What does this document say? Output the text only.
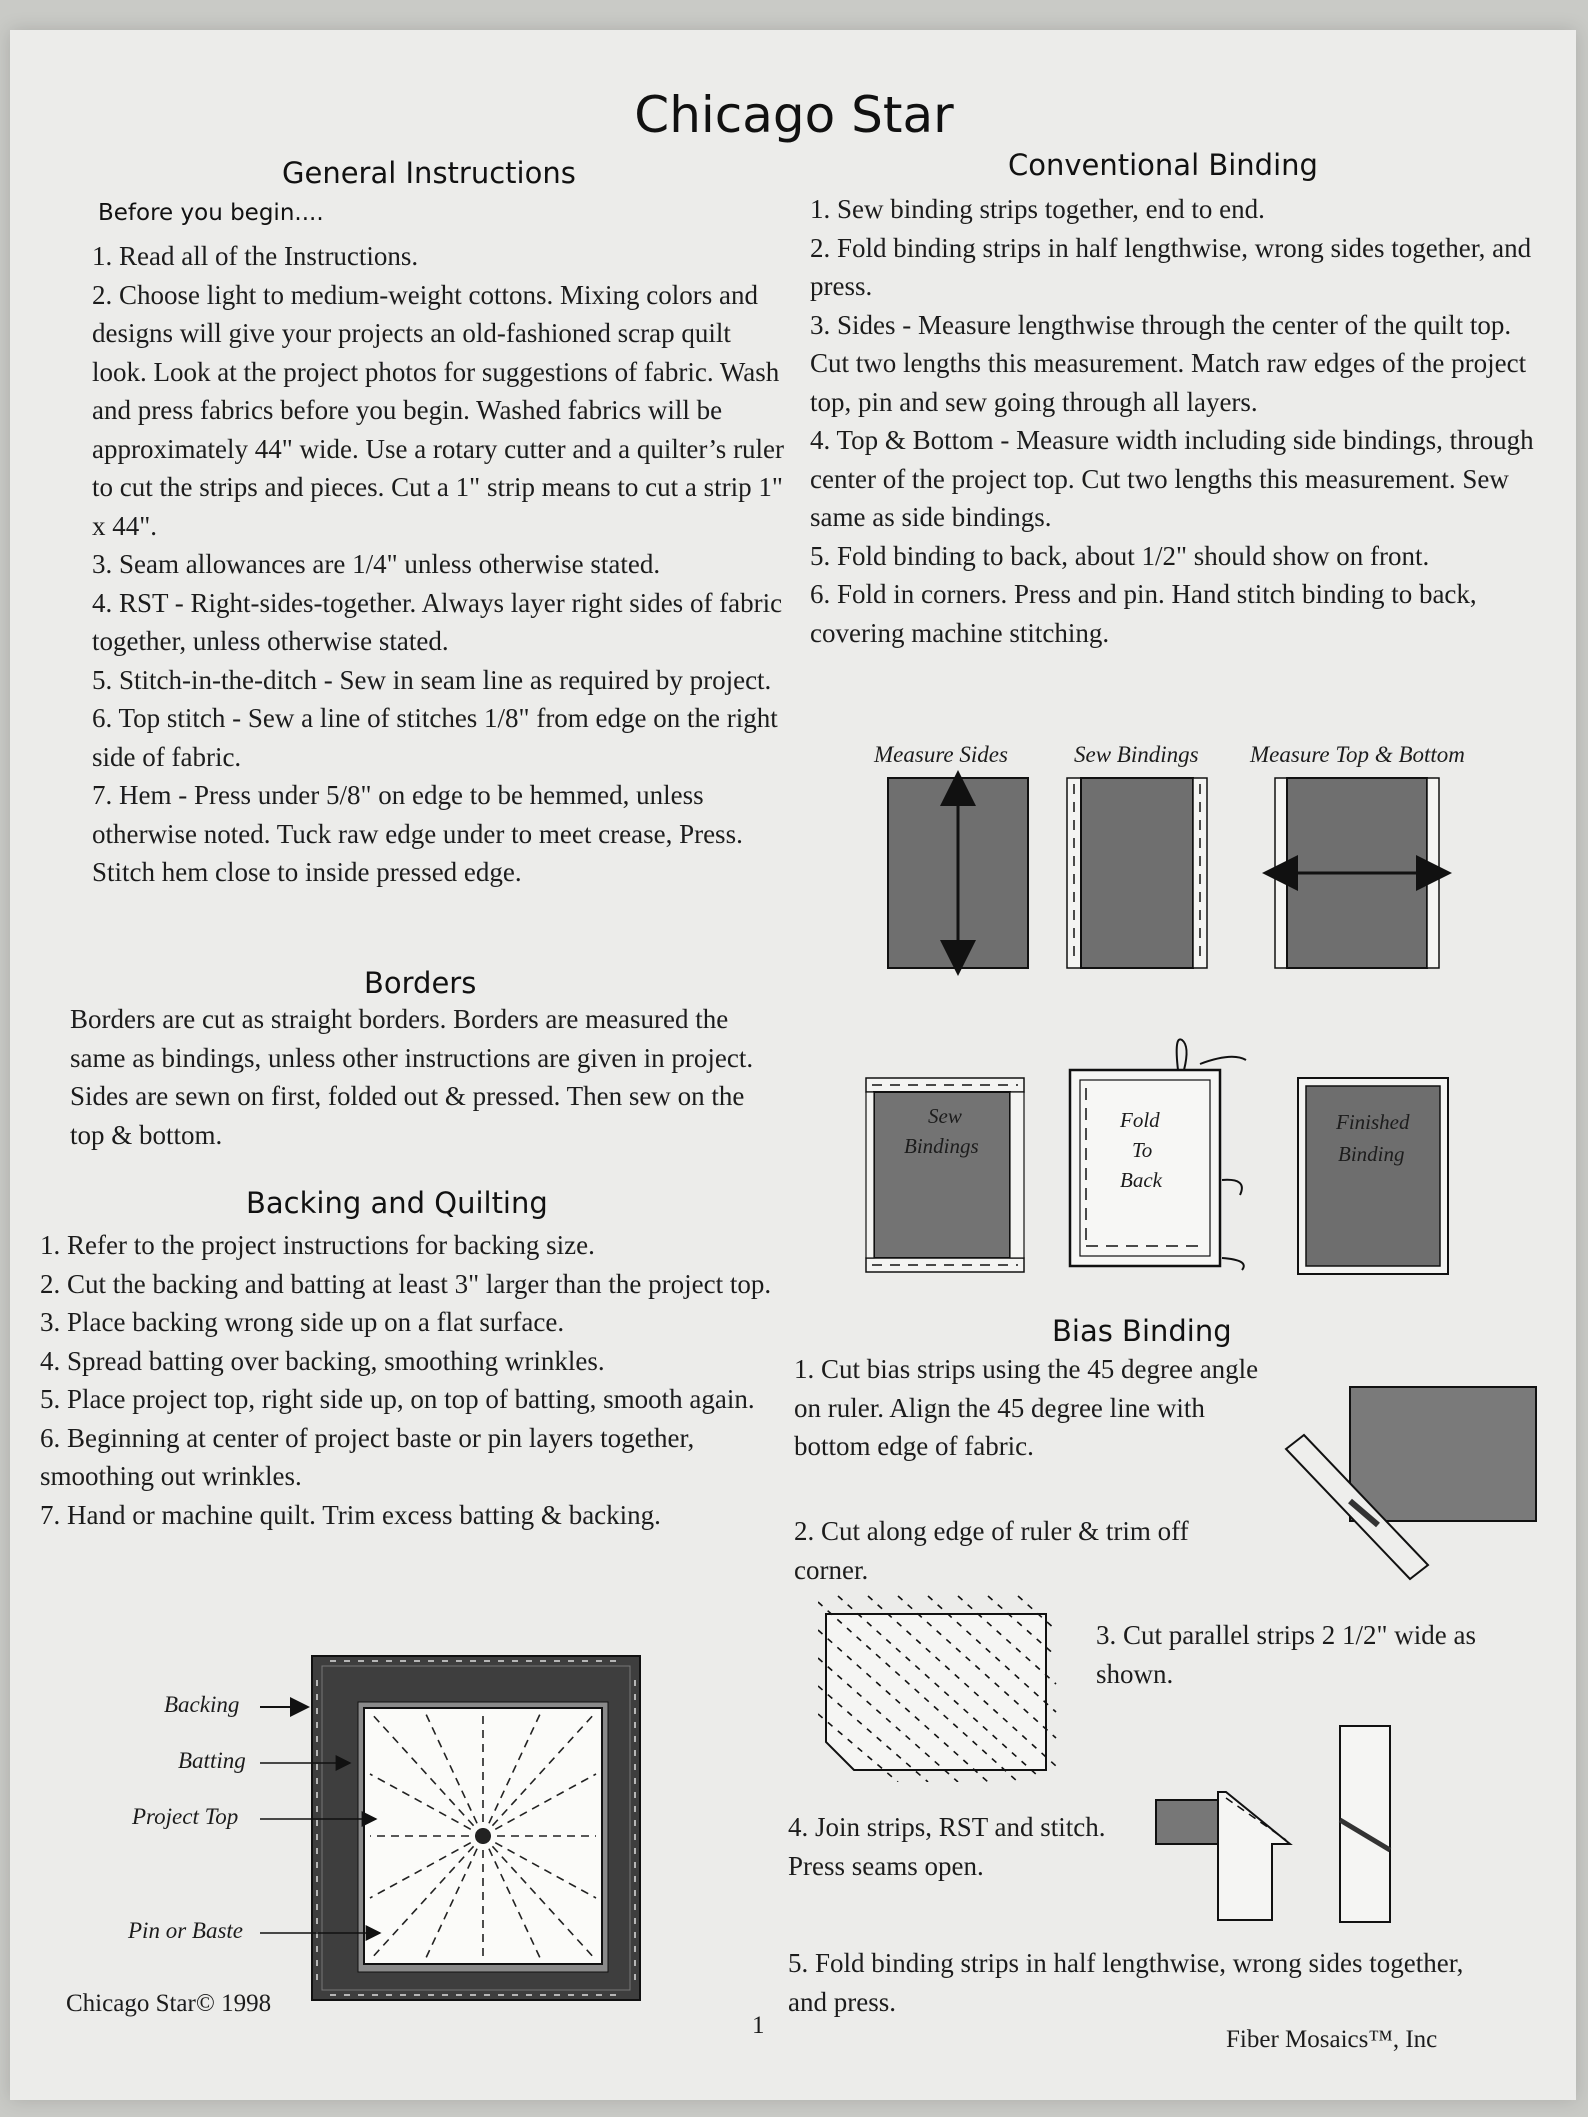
Chicago Star
General Instructions
Before you begin....

1. Read all of the Instructions.

2. Choose light to medium-weight cottons. Mixing colors and designs will give your projects an old-fashioned scrap quilt look. Look at the project photos for suggestions of fabric. Wash and press fabrics before you begin. Washed fabrics will be approximately 44" wide. Use a rotary cutter and a quilter’s ruler to cut the strips and pieces. Cut a 1" strip means to cut a strip 1" x 44".

3. Seam allowances are 1/4" unless otherwise stated.

4. RST - Right-sides-together. Always layer right sides of fabric together, unless otherwise stated.

5. Stitch-in-the-ditch - Sew in seam line as required by project.

6. Top stitch - Sew a line of stitches 1/8" from edge on the right side of fabric.

7. Hem - Press under 5/8" on edge to be hemmed, unless otherwise noted. Tuck raw edge under to meet crease, Press. Stitch hem close to inside pressed edge.

Borders
Borders are cut as straight borders. Borders are measured the same as bindings, unless other instructions are given in project. Sides are sewn on first, folded out & pressed. Then sew on the top & bottom.
Backing and Quilting

1. Refer to the project instructions for backing size.

2. Cut the backing and batting at least 3" larger than the project top.

3. Place backing wrong side up on a flat surface.

4. Spread batting over backing, smoothing wrinkles.

5. Place project top, right side up, on top of batting, smooth again.

6. Beginning at center of project baste or pin layers together, smoothing out wrinkles.

7. Hand or machine quilt. Trim excess batting & backing.

Backing
Batting
Project Top
Pin or Baste
Chicago Star© 1998
1
Fiber Mosaics™, Inc
Conventional Binding

1. Sew binding strips together, end to end.

2. Fold binding strips in half lengthwise, wrong sides together, and press.

3. Sides - Measure lengthwise through the center of the quilt top. Cut two lengths this measurement. Match raw edges of the project top, pin and sew going through all layers.

4. Top & Bottom - Measure width including side bindings, through center of the project top. Cut two lengths this measurement. Sew same as side bindings.

5. Fold binding to back, about 1/2" should show on front.

6. Fold in corners. Press and pin. Hand stitch binding to back, covering machine stitching.

Measure Sides	Sew Bindings Measure Top & Bottom
Sew
Bindings
Fold
To
Back
Finished
Binding
Bias Binding
1. Cut bias strips using the 45 degree angle on ruler. Align the 45 degree line with bottom edge of fabric.
2. Cut along edge of ruler & trim off corner.
3. Cut parallel strips 2 1/2" wide as shown.
4. Join strips, RST and stitch. Press seams open.
5. Fold binding strips in half lengthwise, wrong sides together, and press.
